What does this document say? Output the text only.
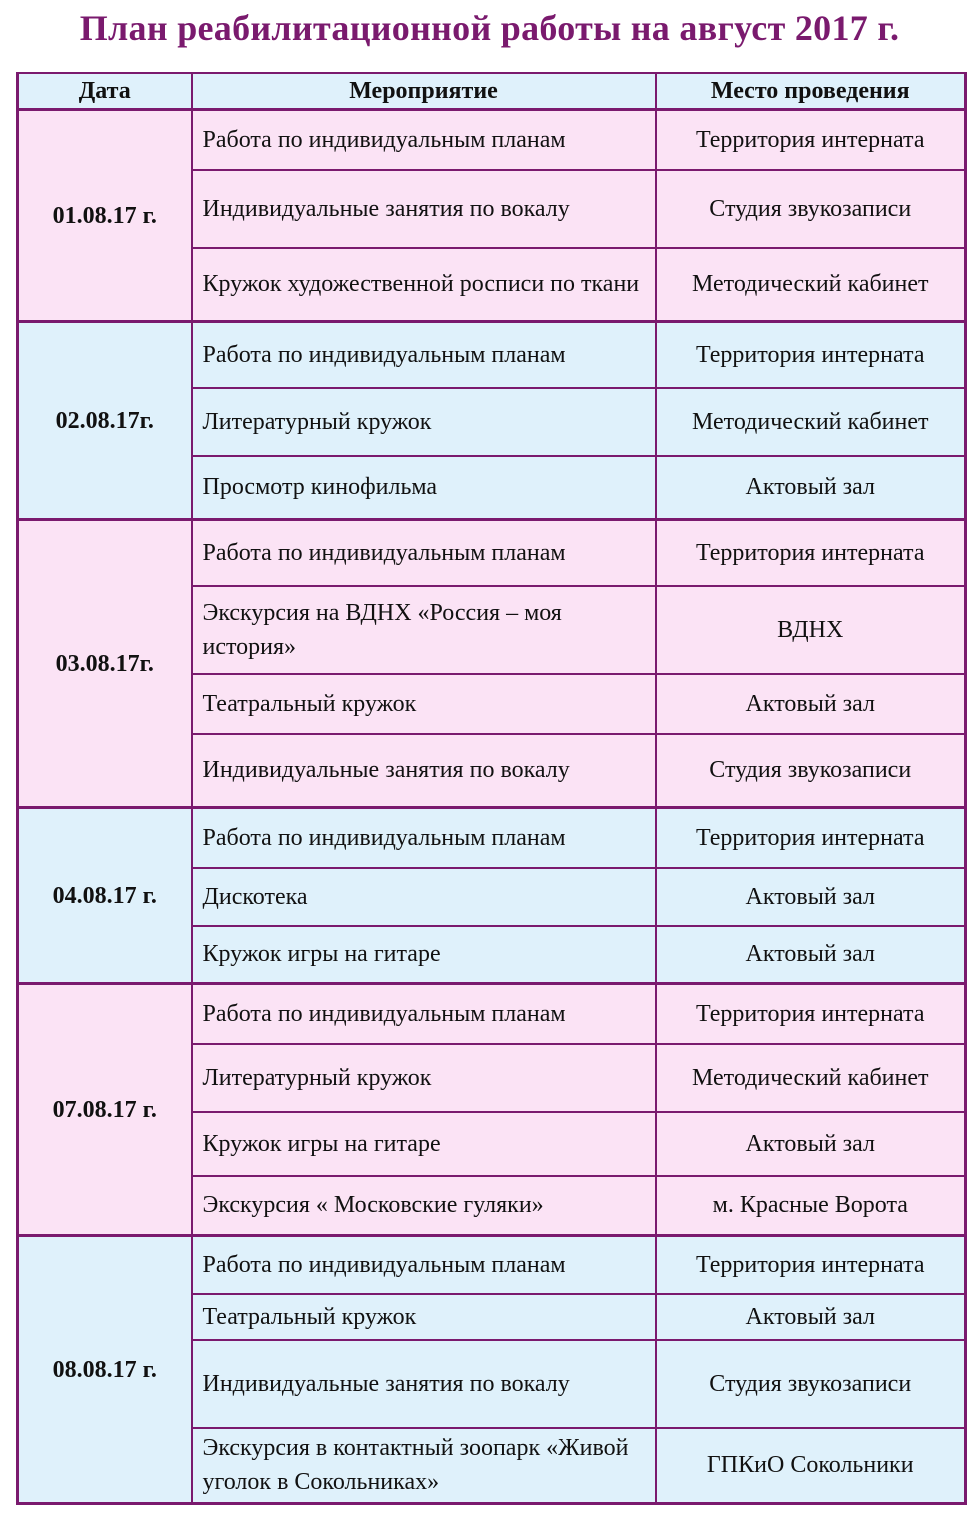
План реабилитационной работы на август 2017 г.
Дата	Мероприятие	Место проведения
01.08.17 г.	Работа по индивидуальным планам	Территория интерната
	Индивидуальные занятия по вокалу	Студия звукозаписи
	Кружок художественной росписи по ткани	Методический кабинет
02.08.17г.	Работа по индивидуальным планам	Территория интерната
	Литературный кружок	Методический кабинет
	Просмотр кинофильма	Актовый зал
03.08.17г.	Работа по индивидуальным планам	Территория интерната
	Экскурсия на ВДНХ «Россия – моя история»	ВДНХ
	Театральный кружок	Актовый зал
	Индивидуальные занятия по вокалу	Студия звукозаписи
04.08.17 г.	Работа по индивидуальным планам	Территория интерната
	Дискотека	Актовый зал
	Кружок игры на гитаре	Актовый зал
07.08.17 г.	Работа по индивидуальным планам	Территория интерната
	Литературный кружок	Методический кабинет
	Кружок игры на гитаре	Актовый зал
	Экскурсия « Московские гуляки»	м. Красные Ворота
08.08.17 г.	Работа по индивидуальным планам	Территория интерната
	Театральный кружок	Актовый зал
	Индивидуальные занятия по вокалу	Студия звукозаписи
	Экскурсия в контактный зоопарк «Живой уголок в Сокольниках»	ГПКиО Сокольники
